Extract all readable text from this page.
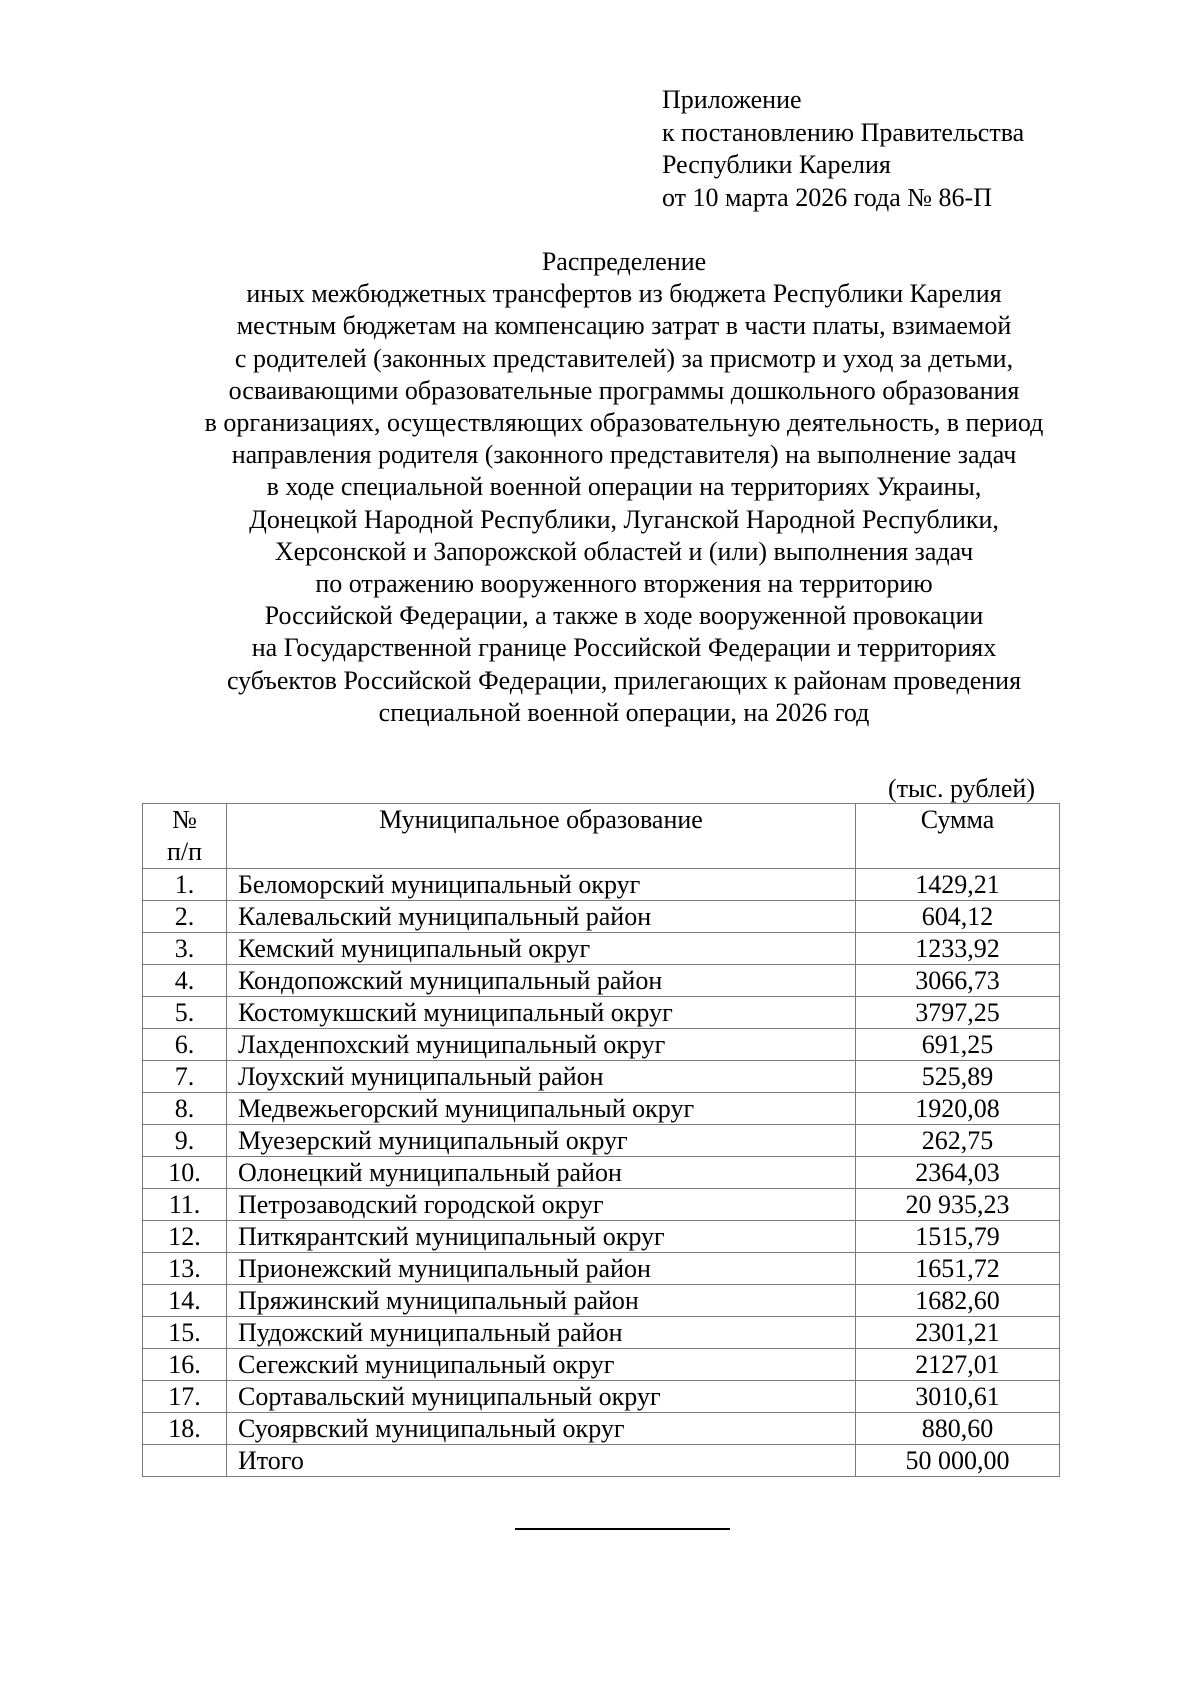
Приложение
к постановлению Правительства
Республики Карелия
от 10 марта 2026 года № 86-П
Распределение
иных межбюджетных трансфертов из бюджета Республики Карелия
местным бюджетам на компенсацию затрат в части платы, взимаемой
с родителей (законных представителей) за присмотр и уход за детьми,
осваивающими образовательные программы дошкольного образования
в организациях, осуществляющих образовательную деятельность, в период
направления родителя (законного представителя) на выполнение задач
в ходе специальной военной операции на территориях Украины,
Донецкой Народной Республики, Луганской Народной Республики,
Херсонской и Запорожской областей и (или) выполнения задач
по отражению вооруженного вторжения на территорию
Российской Федерации, а также в ходе вооруженной провокации
на Государственной границе Российской Федерации и территориях
субъектов Российской Федерации, прилегающих к районам проведения
специальной военной операции, на 2026 год
(тыс. рублей)
№
п/п	Муниципальное образование	Сумма
1.	Беломорский муниципальный округ	1429,21
2.	Калевальский муниципальный район	604,12
3.	Кемский муниципальный округ	1233,92
4.	Кондопожский муниципальный район	3066,73
5.	Костомукшский муниципальный округ	3797,25
6.	Лахденпохский муниципальный округ	691,25
7.	Лоухский муниципальный район	525,89
8.	Медвежьегорский муниципальный округ	1920,08
9.	Муезерский муниципальный округ	262,75
10.	Олонецкий муниципальный район	2364,03
11.	Петрозаводский городской округ	20 935,23
12.	Питкярантский муниципальный округ	1515,79
13.	Прионежский муниципальный район	1651,72
14.	Пряжинский муниципальный район	1682,60
15.	Пудожский муниципальный район	2301,21
16.	Сегежский муниципальный округ	2127,01
17.	Сортавальский муниципальный округ	3010,61
18.	Суоярвский муниципальный округ	880,60
	Итого	50 000,00
